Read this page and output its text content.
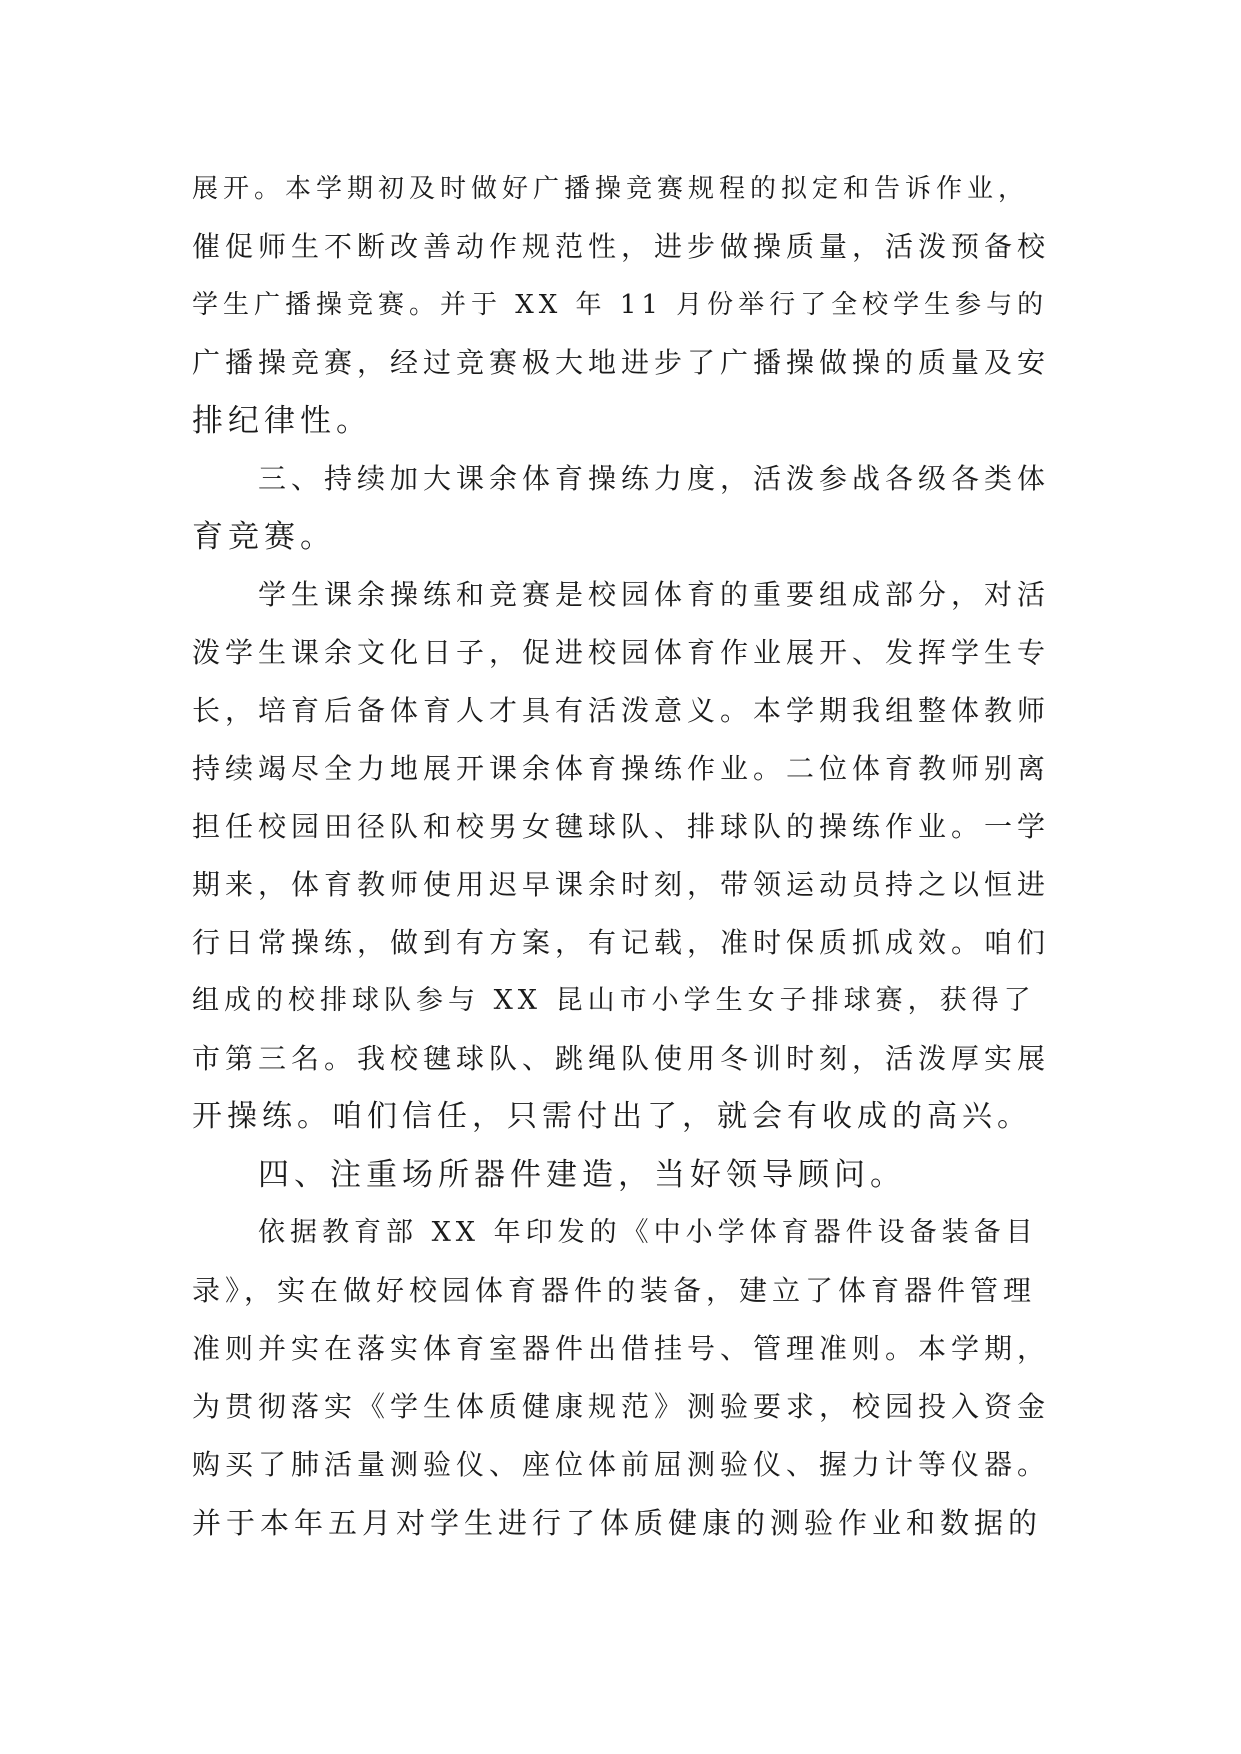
展开。本学期初及时做好广播操竞赛规程的拟定和告诉作业，
催促师生不断改善动作规范性，进步做操质量，活泼预备校
学生广播操竞赛。并于 XX 年 11 月份举行了全校学生参与的
广播操竞赛，经过竞赛极大地进步了广播操做操的质量及安
排纪律性。
三、持续加大课余体育操练力度，活泼参战各级各类体
育竞赛。
学生课余操练和竞赛是校园体育的重要组成部分，对活
泼学生课余文化日子，促进校园体育作业展开、发挥学生专
长，培育后备体育人才具有活泼意义。本学期我组整体教师
持续竭尽全力地展开课余体育操练作业。二位体育教师别离
担任校园田径队和校男女毽球队、排球队的操练作业。一学
期来，体育教师使用迟早课余时刻，带领运动员持之以恒进
行日常操练，做到有方案，有记载，准时保质抓成效。咱们
组成的校排球队参与 XX 昆山市小学生女子排球赛，获得了
市第三名。我校毽球队、跳绳队使用冬训时刻，活泼厚实展
开操练。咱们信任，只需付出了，就会有收成的高兴。
四、注重场所器件建造，当好领导顾问。
依据教育部 XX 年印发的《中小学体育器件设备装备目
录》，实在做好校园体育器件的装备，建立了体育器件管理
准则并实在落实体育室器件出借挂号、管理准则。本学期，
为贯彻落实《学生体质健康规范》测验要求，校园投入资金
购买了肺活量测验仪、座位体前屈测验仪、握力计等仪器。
并于本年五月对学生进行了体质健康的测验作业和数据的
